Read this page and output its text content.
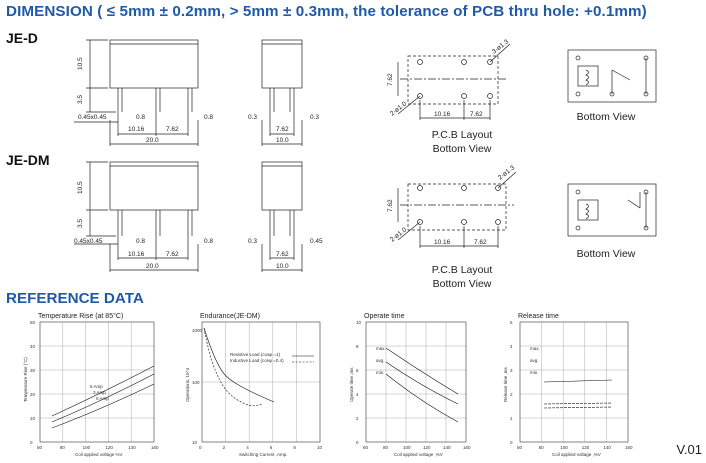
DIMENSION ( ≤ 5mm ± 0.2mm, > 5mm ± 0.3mm, the tolerance of PCB thru hole: +0.1mm)
JE-D
JE-DM
P.C.B Layout
Bottom View
Bottom View
P.C.B Layout
Bottom View
Bottom View
REFERENCE DATA
V.01
10.5
3.5
0.45x0.45	0.8	0.8
10.16	7.62
20.0
0.3	0.3
7.62
10.0
7.62
10.16	7.62
3-ø1.3
2-ø1.0
10.5
3.5
0.45x0.45	0.8	0.8
10.16	7.62
20.0
0.3	0.45
7.62
10.0
7.62
10.16	7.62
2-ø1.3
2-ø1.0
Temperature Rise (at 85°C)
60	80	100	120	140	160
0
10
20
30
40
50
Coil applied voltage %V
Temperature Rise (°C)	5 Amp
3 Amp
0 Amp
Endurance(JE-DM)
0	2	4	6	8	10
1000
100
10
Switching Current ,Amp.
Operations, 10^4
Resistive Load (cosφ =1)
Inductive Load (cosφ =0.4)
Operate time
60	80	100	120	140	160
0
2
4
6
8
10
Coil applied voltage ,%V
Operate time ,ms
max.
avg.
min.
Release time
60	80	100	120	140	160
0
1
2
3
4
5
Coil applied voltage ,%V
Release time ,ms
max.
avg.
min.
